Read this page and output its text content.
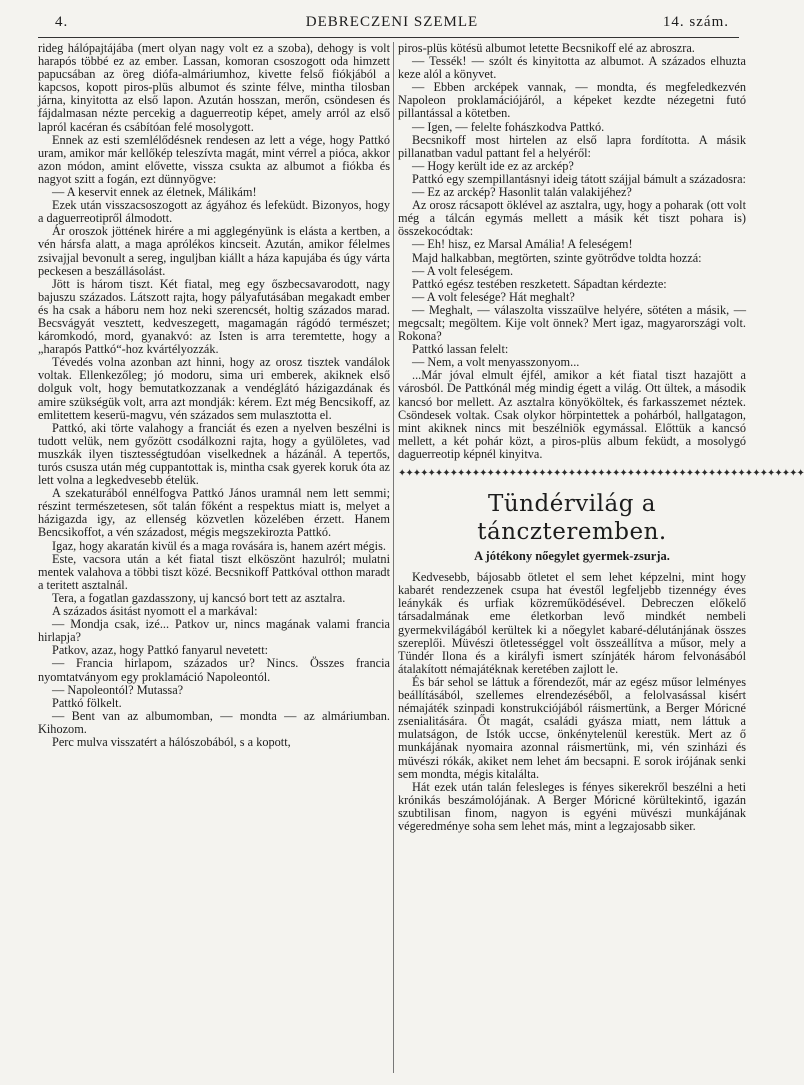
4.	DEBRECZENI SZEMLE	14. szám.

rideg hálópajtájába (mert olyan nagy volt ez a szoba), dehogy is volt harapós többé ez az ember. Lassan, komoran csoszogott oda himzett papucsában az öreg diófa-almáriumhoz, kivette felső fiókjából a kapcsos, kopott piros-plüs albumot és szinte félve, mintha tilosban járna, kinyitotta az első lapon. Azután hosszan, merőn, csöndesen és fájdalmasan nézte percekig a daguerreotip képet, amely arról az első lapról kacéran és csábítóan felé mosolygott.

Ennek az esti szemlélődésnek rendesen az lett a vége, hogy Pattkó uram, amikor már kellőkép teleszívta magát, mint vérrel a pióca, akkor azon módon, amint elővette, vissza csukta az albumot a fiókba és nagyot szitt a fogán, ezt dünnyögve:

— A keservit ennek az életnek, Málikám!

Ezek után visszacsoszogott az ágyához és lefeküdt. Bizonyos, hogy a daguerreotipről álmodott.

Ár oroszok jöttének hirére a mi agglegényünk is elásta a kertben, a vén hársfa alatt, a maga aprólékos kincseit. Azután, amikor félelmes zsivajjal bevonult a sereg, inguljban kiállt a háza kapujába és úgy várta peckesen a beszállásolást.

Jött is három tiszt. Két fiatal, meg egy őszbecsavarodott, nagy bajuszu százados. Látszott rajta, hogy pályafutásában megakadt ember és ha csak a háboru nem hoz neki szerencsét, holtig százados marad. Becsvágyát vesztett, kedveszegett, magamagán rágódó természet; káromkodó, mord, gyanakvó: az Isten is arra teremtette, hogy a „harapós Pattkó“-hoz kvártélyozzák.

Tévedés volna azonban azt hinni, hogy az orosz tisztek vandálok voltak. Ellenkezőleg; jó modoru, sima uri emberek, akiknek első dolguk volt, hogy bemutatkozzanak a vendéglátó házigazdának és amire szükségük volt, arra azt mondják: kérem. Ezt még Bencsikoff, az emlitettem keserü-magvu, vén százados sem mulasztotta el.

Pattkó, aki törte valahogy a franciát és ezen a nyelven beszélni is tudott velük, nem győzött csodálkozni rajta, hogy a gyülöletes, vad muszkák ilyen tisztességtudóan viselkednek a házánál. A tepertős, turós csusza után még cuppantottak is, mintha csak gyerek koruk óta az lett volna a legkedvesebb ételük.

A szekaturából ennélfogva Pattkó János uramnál nem lett semmi; részint természetesen, sőt talán főként a respektus miatt is, melyet a házigazda igy, az ellenség közvetlen közelében érzett. Hanem Bencsikoffot, a vén századost, mégis megszekirozta Pattkó.

Igaz, hogy akaratán kivül és a maga rovására is, hanem azért mégis.

Este, vacsora után a két fiatal tiszt elköszönt hazulról; mulatni mentek valahova a többi tiszt közé. Becsnikoff Pattkóval otthon maradt a teritett asztalnál.

Tera, a fogatlan gazdasszony, uj kancsó bort tett az asztalra.

A százados ásitást nyomott el a markával:

— Mondja csak, izé... Patkov ur, nincs magának valami francia hirlapja?

Patkov, azaz, hogy Pattkó fanyarul nevetett:

— Francia hirlapom, százados ur? Nincs. Összes francia nyomtatványom egy proklamáció Napoleontól.

— Napoleontól? Mutassa?

Pattkó fölkelt.

— Bent van az albumomban, — mondta — az almáriumban. Kihozom.

Perc mulva visszatért a hálószobából, s a kopott,

piros-plüs kötésü albumot letette Becsnikoff elé az abroszra.

— Tessék! — szólt és kinyitotta az albumot. A százados elhuzta keze alól a könyvet.

— Ebben arcképek vannak, — mondta, és megfeledkezvén Napoleon proklamációjáról, a képeket kezdte nézegetni futó pillantással a kötetben.

— Igen, — felelte fohászkodva Pattkó.

Becsnikoff most hirtelen az első lapra fordította. A másik pillanatban vadul pattant fel a helyéről:

— Hogy került ide ez az arckép?

Pattkó egy szempillantásnyi ideig tátott szájjal bámult a századosra:

— Ez az arckép? Hasonlit talán valakijéhez?

Az orosz rácsapott öklével az asztalra, ugy, hogy a poharak (ott volt még a tálcán egymás mellett a másik két tiszt pohara is) összekocódtak:

— Eh! hisz, ez Marsal Amália! A feleségem!

Majd halkabban, megtörten, szinte gyötrődve toldta hozzá:

— A volt feleségem.

Pattkó egész testében reszketett. Sápadtan kérdezte:

— A volt felesége? Hát meghalt?

— Meghalt, — válaszolta visszaülve helyére, sötéten a másik, — megcsalt; megöltem. Kije volt önnek? Mert igaz, magyarországi volt. Rokona?

Pattkó lassan felelt:

— Nem, a volt menyasszonyom...

...Már jóval elmult éjfél, amikor a két fiatal tiszt hazajött a városból. De Pattkónál még mindig égett a világ. Ott ültek, a második kancsó bor mellett. Az asztalra könyököltek, és farkasszemet néztek. Csöndesek voltak. Csak olykor hörpintettek a pohárból, hallgatagon, mint akiknek nincs mit beszélniök egymással. Előttük a kancsó mellett, a két pohár közt, a piros-plüs album feküdt, a mosolygó daguerreotip képnél kinyitva.

✦✦✦✦✦✦✦✦✦✦✦✦✦✦✦✦✦✦✦✦✦✦✦✦✦✦✦✦✦✦✦✦✦✦✦✦✦✦✦✦✦✦✦✦✦✦✦✦✦✦✦✦✦✦✦
Tündérvilág a tánczteremben.
A jótékony nőegylet gyermek-zsurja.

Kedvesebb, bájosabb ötletet el sem lehet képzelni, mint hogy kabarét rendezzenek csupa hat évestől legfeljebb tizennégy éves leánykák és urfiak közreműködésével. Debreczen előkelő társadalmának eme életkorban levő mindkét nembeli gyermekvilágából kerültek ki a nőegylet kabaré-délutánjának összes szereplői. Müvészi ötletességgel volt összeállítva a műsor, mely a Tündér Ilona és a királyfi ismert színjáték három felvonásából átalakított némajátéknak keretében zajlott le.

És bár sehol se láttuk a főrendezőt, már az egész műsor lelményes beállításából, szellemes elrendezéséből, a felolvasással kisért némajáték szinpadi konstrukciójából ráismertünk, a Berger Móricné zsenialitására. Őt magát, családi gyásza miatt, nem láttuk a mulatságon, de Istók uccse, önkénytelenül kerestük. Mert az ő munkájának nyomaira azonnal ráismertünk, mi, vén szinházi és müvészi rókák, akiket nem lehet ám becsapni. E sorok irójának senki sem mondta, mégis kitalálta.

Hát ezek után talán felesleges is fényes sikerekről beszélni a heti krónikás beszámolójának. A Berger Móricné körültekintő, igazán szubtilisan finom, nagyon is egyéni müvészi munkájának végeredménye soha sem lehet más, mint a legzajosabb siker.
